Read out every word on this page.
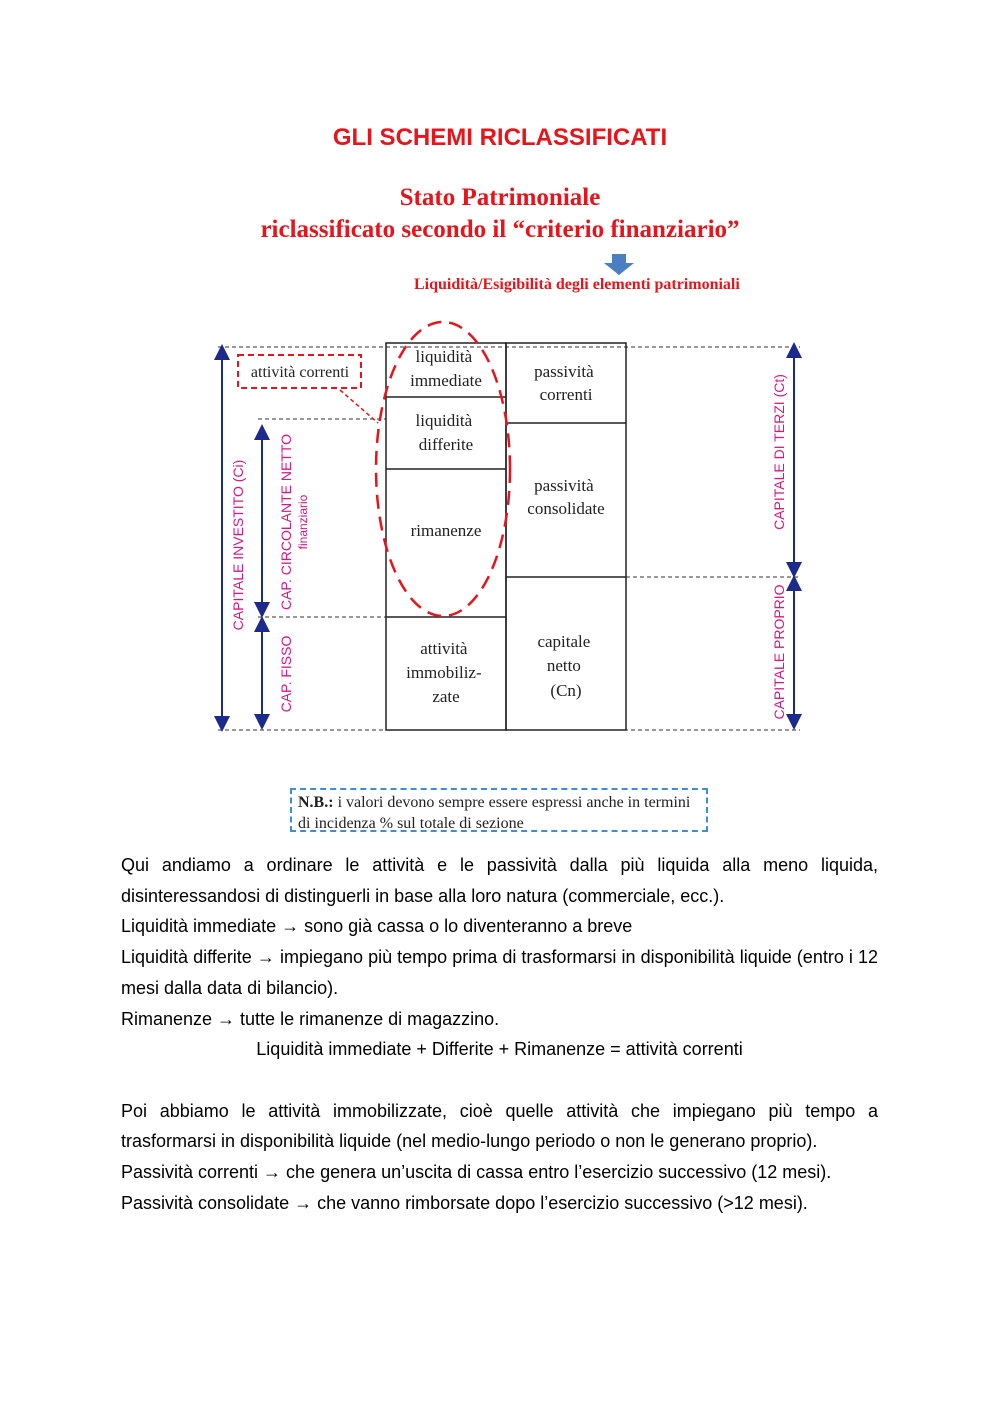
GLI SCHEMI RICLASSIFICATI
Stato Patrimoniale
riclassificato secondo il “criterio finanziario”
Liquidità/Esigibilità degli elementi patrimoniali
liquidità immediate
liquidità differite
rimanenze
attività immobiliz- zate
passività correnti
passività consolidate
capitale netto (Cn)
attività correnti
CAPITALE INVESTITO (Ci) CAP. CIRCOLANTE NETTO finanziario
CAP. FISSO
CAPITALE DI TERZI (Ct)
CAPITALE PROPRIO
N.B.: i valori devono sempre essere espressi anche in termini di incidenza % sul totale di sezione

Qui andiamo a ordinare le attività e le passività dalla più liquida alla meno liquida, disinteressandosi di distinguerli in base alla loro natura (commerciale, ecc.).

Liquidità immediate → sono già cassa o lo diventeranno a breve

Liquidità differite → impiegano più tempo prima di trasformarsi in disponibilità liquide (entro i 12 mesi dalla data di bilancio).

Rimanenze → tutte le rimanenze di magazzino.

Liquidità immediate + Differite + Rimanenze = attività correnti

Poi abbiamo le attività immobilizzate, cioè quelle attività che impiegano più tempo a trasformarsi in disponibilità liquide (nel medio-lungo periodo o non le generano proprio).

Passività correnti → che genera un’uscita di cassa entro l’esercizio successivo (12 mesi).

Passività consolidate → che vanno rimborsate dopo l’esercizio successivo (>12 mesi).
